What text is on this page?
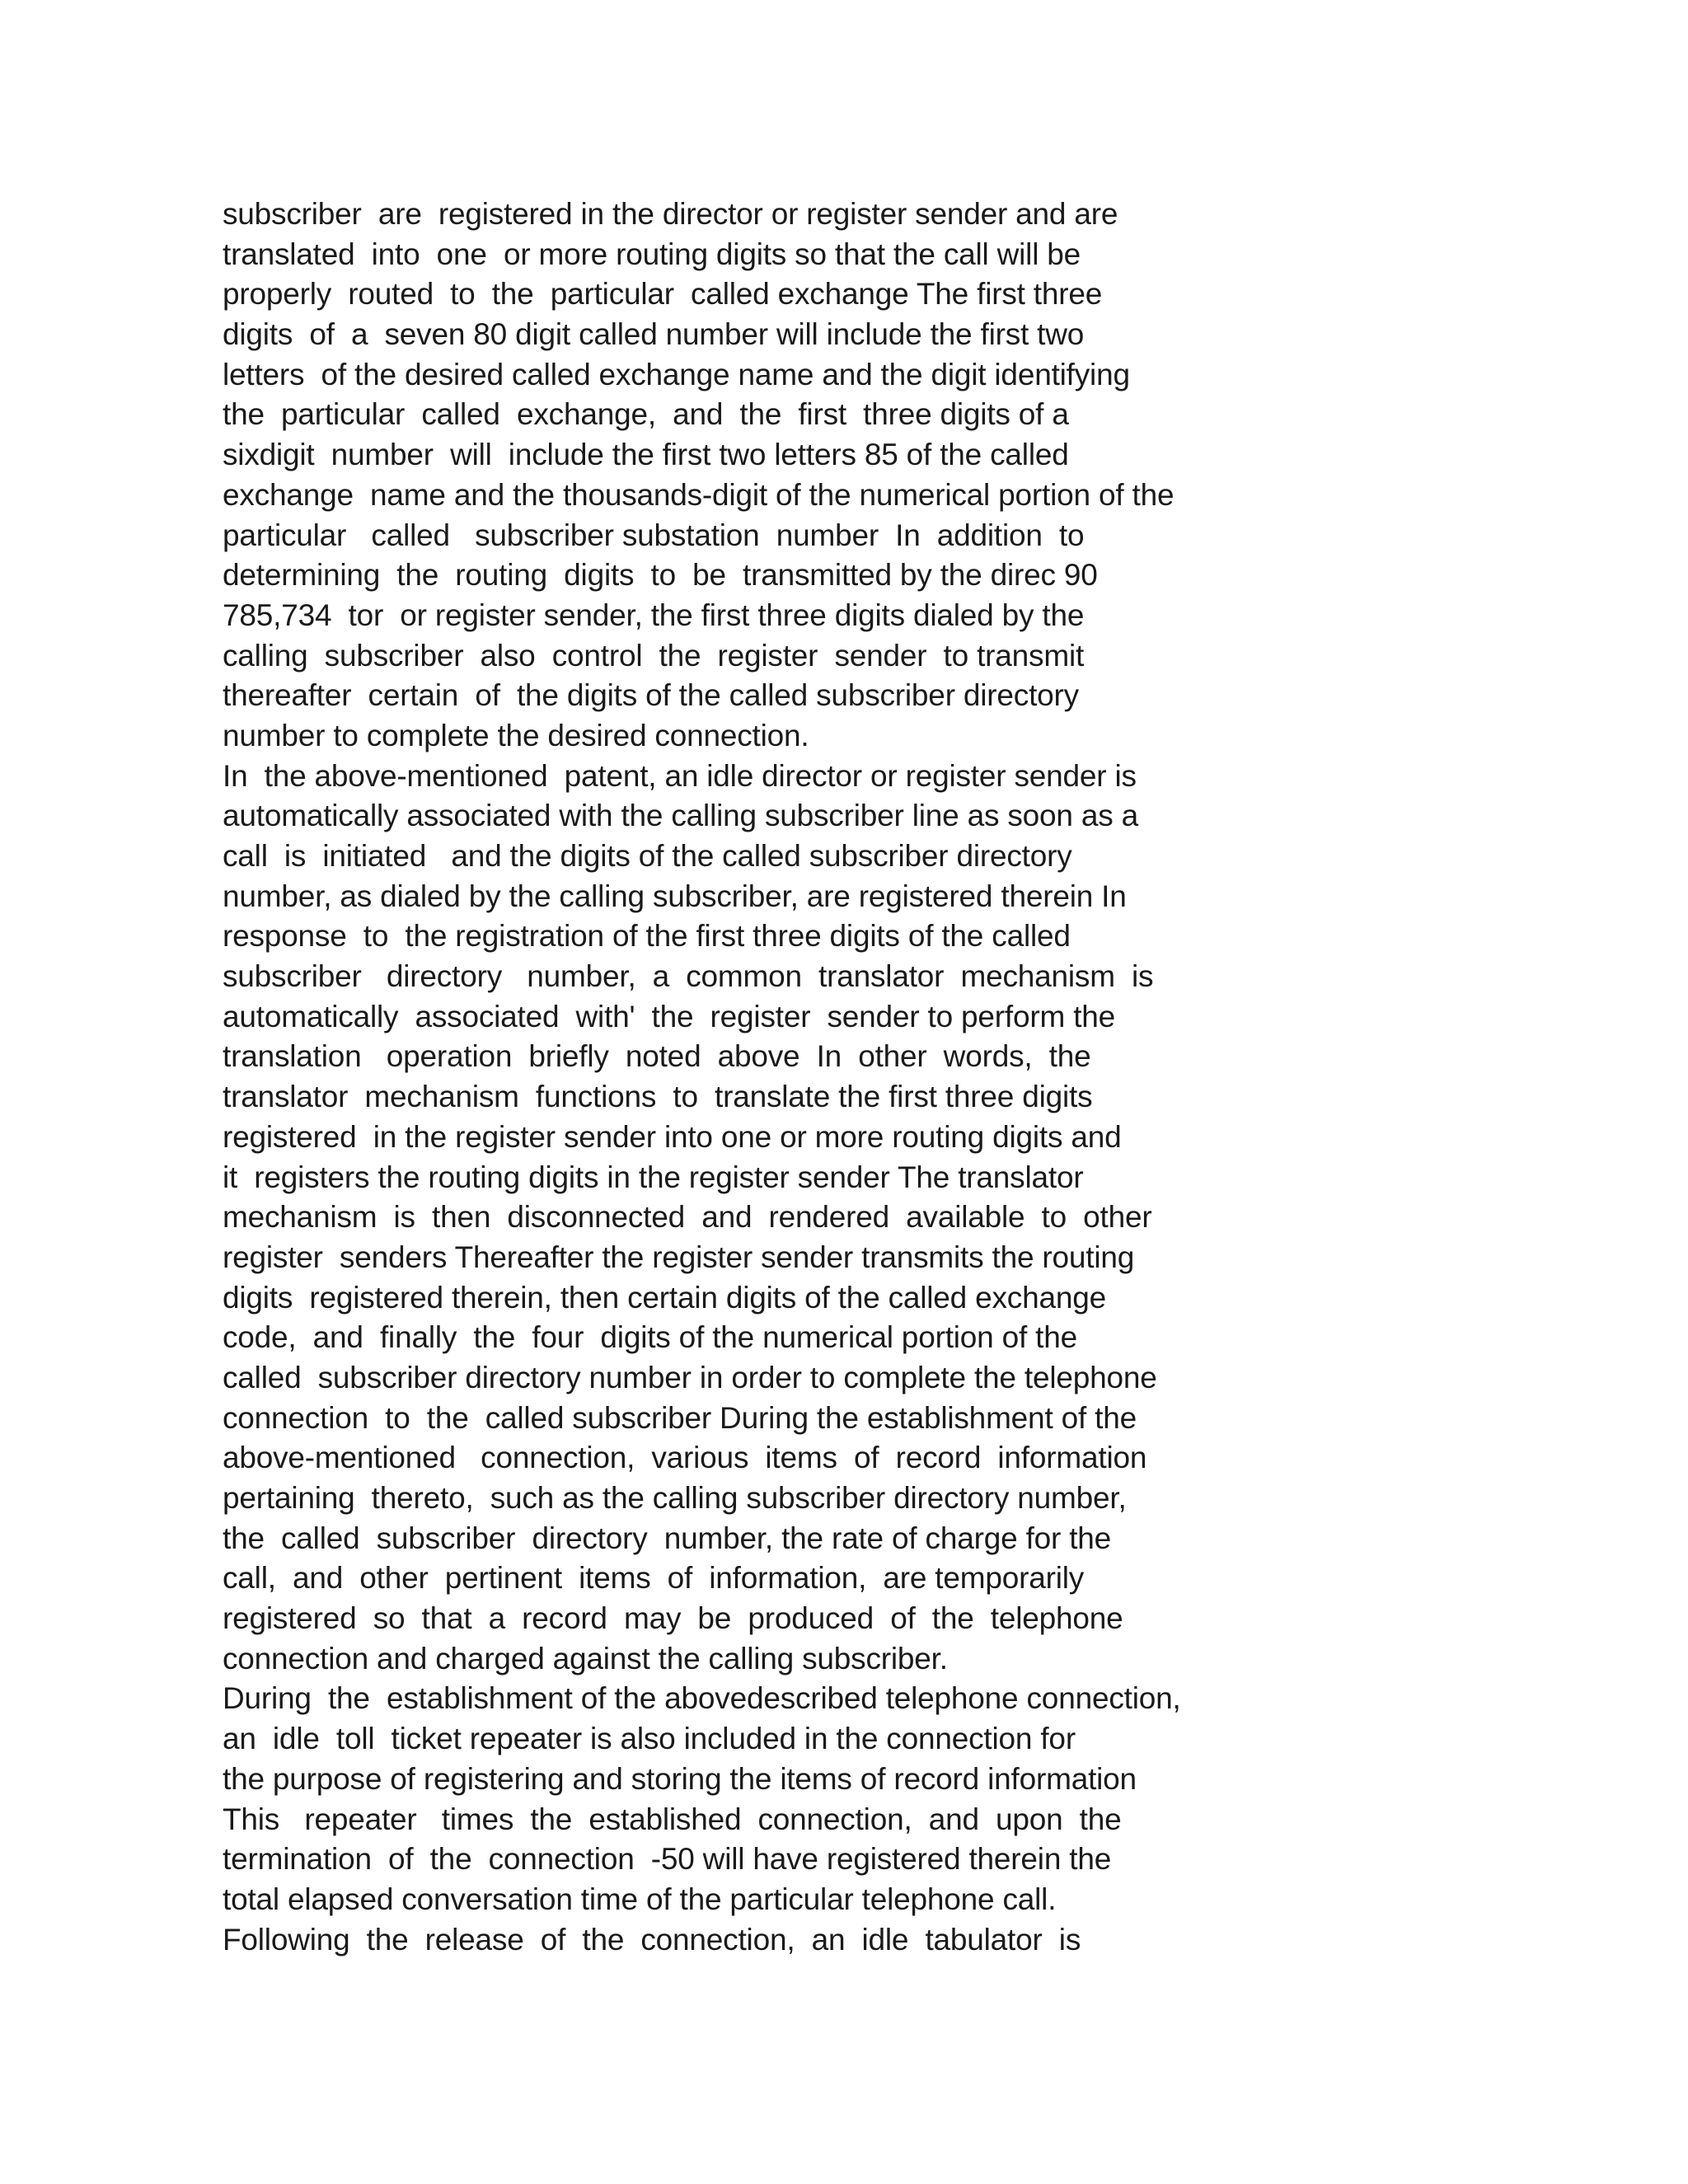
subscriber  are  registered in the director or register sender and are
translated  into  one  or more routing digits so that the call will be
properly  routed  to  the  particular  called exchange The first three
digits  of  a  seven 80 digit called number will include the first two
letters  of the desired called exchange name and the digit identifying
the  particular  called  exchange,  and  the  first  three digits of a
sixdigit  number  will  include the first two letters 85 of the called
exchange  name and the thousands-digit of the numerical portion of the
particular   called   subscriber substation  number  In  addition  to
determining  the  routing  digits  to  be  transmitted by the direc 90
785,734  tor  or register sender, the first three digits dialed by the
calling  subscriber  also  control  the  register  sender  to transmit
thereafter  certain  of  the digits of the called subscriber directory
number to complete the desired connection.
In  the above-mentioned  patent, an idle director or register sender is
automatically associated with the calling subscriber line as soon as a
call  is  initiated   and the digits of the called subscriber directory
number, as dialed by the calling subscriber, are registered therein In
response  to  the registration of the first three digits of the called
subscriber   directory   number,  a  common  translator  mechanism  is
automatically  associated  with'  the  register  sender to perform the
translation   operation  briefly  noted  above  In  other  words,  the
translator  mechanism  functions  to  translate the first three digits
registered  in the register sender into one or more routing digits and
it  registers the routing digits in the register sender The translator
mechanism  is  then  disconnected  and  rendered  available  to  other
register  senders Thereafter the register sender transmits the routing
digits  registered therein, then certain digits of the called exchange
code,  and  finally  the  four  digits of the numerical portion of the
called  subscriber directory number in order to complete the telephone
connection  to  the  called subscriber During the establishment of the
above-mentioned   connection,  various  items  of  record  information
pertaining  thereto,  such as the calling subscriber directory number,
the  called  subscriber  directory  number, the rate of charge for the
call,  and  other  pertinent  items  of  information,  are temporarily
registered  so  that  a  record  may  be  produced  of  the  telephone
connection and charged against the calling subscriber.
During  the  establishment of the abovedescribed telephone connection,
an  idle  toll  ticket repeater is also included in the connection for
the purpose of registering and storing the items of record information
This   repeater   times  the  established  connection,  and  upon  the
termination  of  the  connection  -50 will have registered therein the
total elapsed conversation time of the particular telephone call.
Following  the  release  of  the  connection,  an  idle  tabulator  is
